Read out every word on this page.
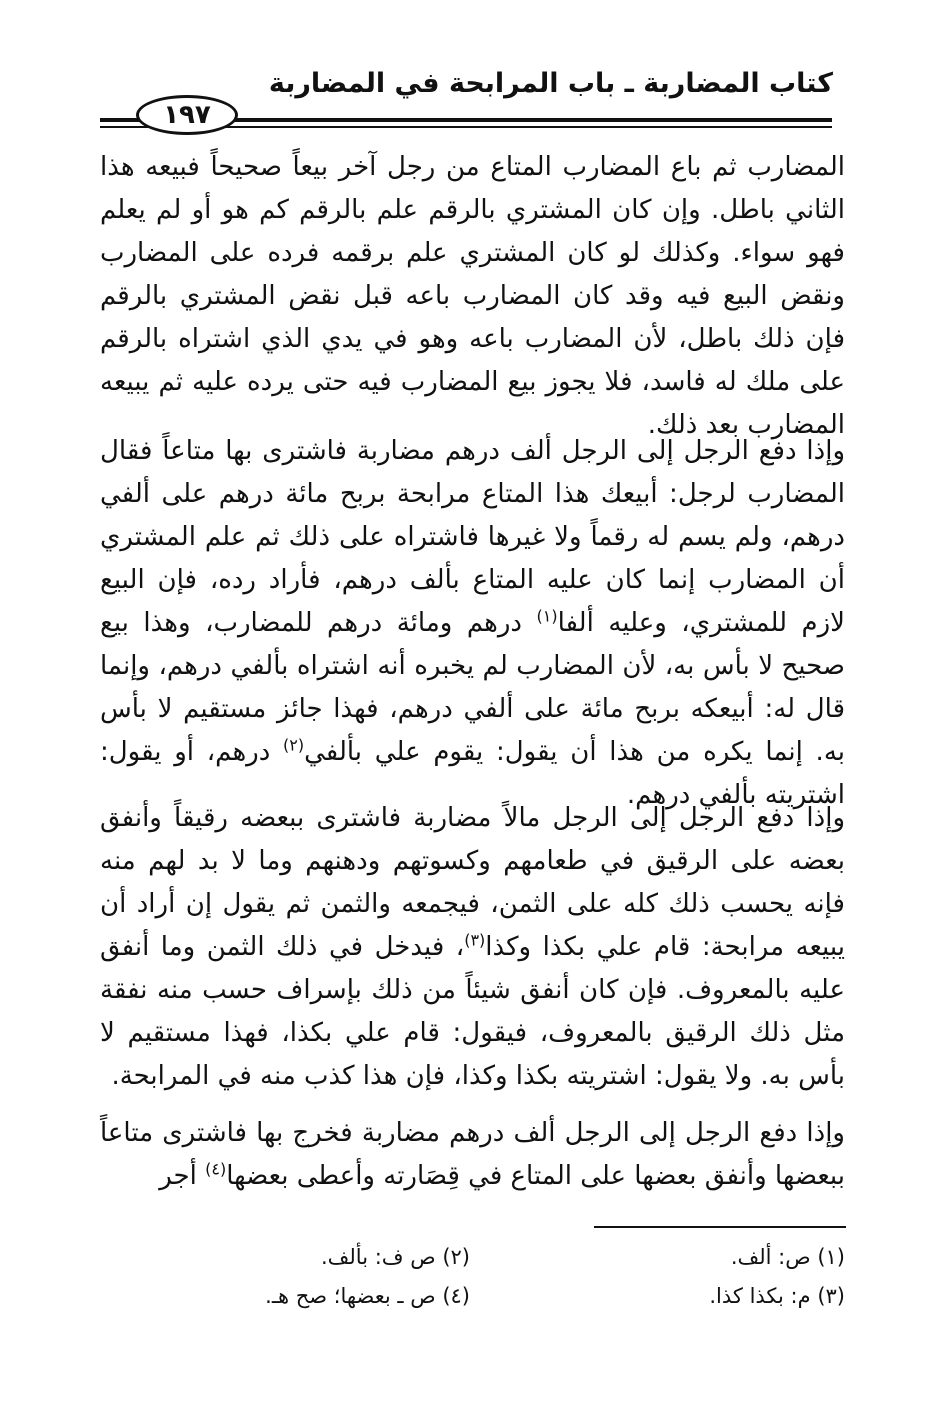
كتاب المضاربة ـ باب المرابحة في المضاربة
١٩٧

المضارب ثم باع المضارب المتاع من رجل آخر بيعاً صحيحاً فبيعه هذا الثاني باطل. وإن كان المشتري بالرقم علم بالرقم كم هو أو لم يعلم فهو سواء. وكذلك لو كان المشتري علم برقمه فرده على المضارب ونقض البيع فيه وقد كان المضارب باعه قبل نقض المشتري بالرقم فإن ذلك باطل، لأن المضارب باعه وهو في يدي الذي اشتراه بالرقم على ملك له فاسد، فلا يجوز بيع المضارب فيه حتى يرده عليه ثم يبيعه المضارب بعد ذلك.

وإذا دفع الرجل إلى الرجل ألف درهم مضاربة فاشترى بها متاعاً فقال المضارب لرجل: أبيعك هذا المتاع مرابحة بربح مائة درهم على ألفي درهم، ولم يسم له رقماً ولا غيرها فاشتراه على ذلك ثم علم المشتري أن المضارب إنما كان عليه المتاع بألف درهم، فأراد رده، فإن البيع لازم للمشتري، وعليه ألفا$^{(١)}$ درهم ومائة درهم للمضارب، وهذا بيع صحيح لا بأس به، لأن المضارب لم يخبره أنه اشتراه بألفي درهم، وإنما قال له: أبيعكه بربح مائة على ألفي درهم، فهذا جائز مستقيم لا بأس به. إنما يكره من هذا أن يقول: يقوم علي بألفي$^{(٢)}$ درهم، أو يقول: اشتريته بألفي درهم.

وإذا دفع الرجل إلى الرجل مالاً مضاربة فاشترى ببعضه رقيقاً وأنفق بعضه على الرقيق في طعامهم وكسوتهم ودهنهم وما لا بد لهم منه فإنه يحسب ذلك كله على الثمن، فيجمعه والثمن ثم يقول إن أراد أن يبيعه مرابحة: قام علي بكذا وكذا$^{(٣)}$، فيدخل في ذلك الثمن وما أنفق عليه بالمعروف. فإن كان أنفق شيئاً من ذلك بإسراف حسب منه نفقة مثل ذلك الرقيق بالمعروف، فيقول: قام علي بكذا، فهذا مستقيم لا بأس به. ولا يقول: اشتريته بكذا وكذا، فإن هذا كذب منه في المرابحة.

وإذا دفع الرجل إلى الرجل ألف درهم مضاربة فخرج بها فاشترى متاعاً ببعضها وأنفق بعضها على المتاع في قِصَارته وأعطى بعضها$^{(٤)}$ أجر

(١) ص: ألف.
(٢) ص ف: بألف.
(٣) م: بكذا كذا.
(٤) ص ـ بعضها؛ صح هـ.
